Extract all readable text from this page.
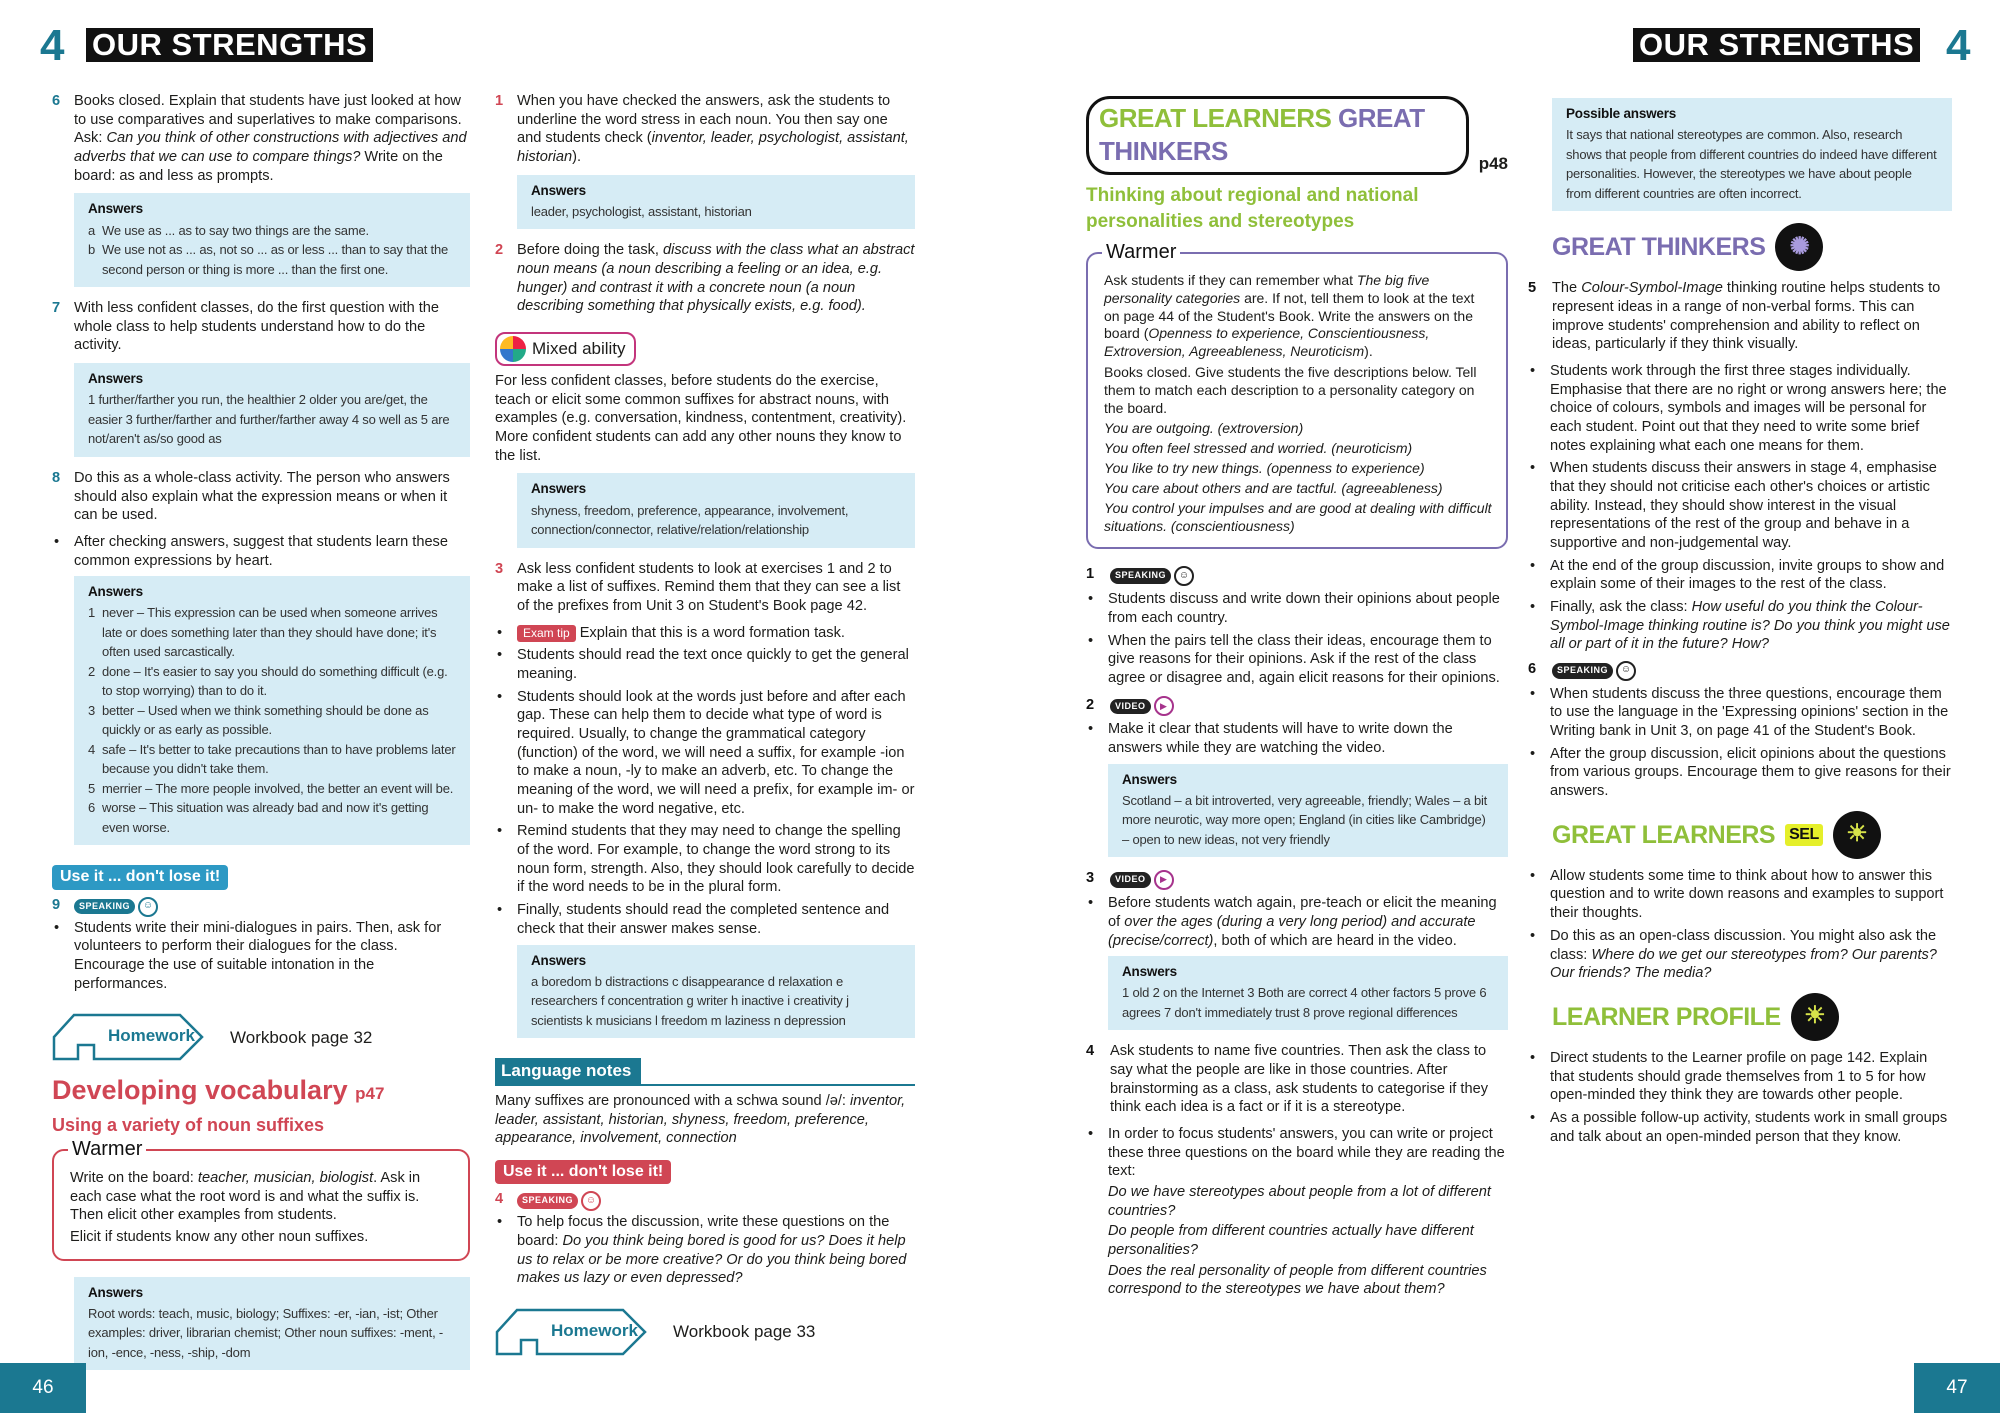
4 OUR STRENGTHS
6 Books closed. Explain that students have just looked at how to use comparatives and superlatives to make comparisons. Ask: Can you think of other constructions with adjectives and adverbs that we can use to compare things? Write on the board: as and less as prompts.
Answers
a We use as ... as to say two things are the same.
b We use not as ... as, not so ... as or less ... than to say that the second person or thing is more ... than the first one.
7 With less confident classes, do the first question with the whole class to help students understand how to do the activity.
Answers
1 further/farther you run, the healthier 2 older you are/get, the easier 3 further/farther and further/farther away 4 so well as 5 are not/aren't as/so good as
8 Do this as a whole-class activity. The person who answers should also explain what the expression means or when it can be used.
• After checking answers, suggest that students learn these common expressions by heart.
Answers
1 never – This expression can be used when someone arrives late or does something later than they should have done; it's often used sarcastically.
2 done – It's easier to say you should do something difficult (e.g. to stop worrying) than to do it.
3 better – Used when we think something should be done as quickly or as early as possible.
4 safe – It's better to take precautions than to have problems later because you didn't take them.
5 merrier – The more people involved, the better an event will be.
6 worse – This situation was already bad and now it's getting even worse.
Use it ... don't lose it!
9	SPEAKING	☺
• Students write their mini-dialogues in pairs. Then, ask for volunteers to perform their dialogues for the class. Encourage the use of suitable intonation in the performances.
Homework Workbook page 32
Developing vocabulary p47
Using a variety of noun suffixes
Warmer
Write on the board: teacher, musician, biologist. Ask in each case what the root word is and what the suffix is. Then elicit other examples from students.
Elicit if students know any other noun suffixes.
Answers
Root words: teach, music, biology; Suffixes: -er, -ian, -ist; Other examples: driver, librarian chemist; Other noun suffixes: -ment, -ion, -ence, -ness, -ship, -dom
1 When you have checked the answers, ask the students to underline the word stress in each noun. You then say one and students check (inventor, leader, psychologist, assistant, historian).
Answers
leader, psychologist, assistant, historian
2 Before doing the task, discuss with the class what an abstract noun means (a noun describing a feeling or an idea, e.g. hunger) and contrast it with a concrete noun (a noun describing something that physically exists, e.g. food).
Mixed ability
For less confident classes, before students do the exercise, teach or elicit some common suffixes for abstract nouns, with examples (e.g. conversation, kindness, contentment, creativity). More confident students can add any other nouns they know to the list.
Answers
shyness, freedom, preference, appearance, involvement, connection/connector, relative/relation/relationship
3 Ask less confident students to look at exercises 1 and 2 to make a list of suffixes. Remind them that they can see a list of the prefixes from Unit 3 on Student's Book page 42.
• Exam tip Explain that this is a word formation task.
• Students should read the text once quickly to get the general meaning.
• Students should look at the words just before and after each gap. These can help them to decide what type of word is required. Usually, to change the grammatical category (function) of the word, we will need a suffix, for example -ion to make a noun, -ly to make an adverb, etc. To change the meaning of the word, we will need a prefix, for example im- or un- to make the word negative, etc.
• Remind students that they may need to change the spelling of the word. For example, to change the word strong to its noun form, strength. Also, they should look carefully to decide if the word needs to be in the plural form.
• Finally, students should read the completed sentence and check that their answer makes sense.
Answers
a boredom b distractions c disappearance d relaxation e researchers f concentration g writer h inactive i creativity j scientists k musicians l freedom m laziness n depression
Language notes
Many suffixes are pronounced with a schwa sound /ə/: inventor, leader, assistant, historian, shyness, freedom, preference, appearance, involvement, connection
Use it ... don't lose it!
4	SPEAKING	☺
• To help focus the discussion, write these questions on the board: Do you think being bored is good for us? Does it help us to relax or be more creative? Or do you think being bored makes us lazy or even depressed?
Homework Workbook page 33
46
OUR STRENGTHS 4
GREAT LEARNERS GREAT THINKERS	p48
Thinking about regional and national personalities and stereotypes
Warmer
Ask students if they can remember what The big five personality categories are. If not, tell them to look at the text on page 44 of the Student's Book. Write the answers on the board (Openness to experience, Conscientiousness, Extroversion, Agreeableness, Neuroticism).
Books closed. Give students the five descriptions below. Tell them to match each description to a personality category on the board.
You are outgoing. (extroversion)
You often feel stressed and worried. (neuroticism)
You like to try new things. (openness to experience)
You care about others and are tactful. (agreeableness)
You control your impulses and are good at dealing with difficult situations. (conscientiousness)
1	SPEAKING	☺
• Students discuss and write down their opinions about people from each country.
• When the pairs tell the class their ideas, encourage them to give reasons for their opinions. Ask if the rest of the class agree or disagree and, again elicit reasons for their opinions.
2	VIDEO	▶
• Make it clear that students will have to write down the answers while they are watching the video.
Answers
Scotland – a bit introverted, very agreeable, friendly; Wales – a bit more neurotic, way more open; England (in cities like Cambridge) – open to new ideas, not very friendly
3	VIDEO	▶
• Before students watch again, pre-teach or elicit the meaning of over the ages (during a very long period) and accurate (precise/correct), both of which are heard in the video.
Answers
1 old 2 on the Internet 3 Both are correct 4 other factors 5 prove 6 agrees 7 don't immediately trust 8 prove regional differences
4 Ask students to name five countries. Then ask the class to say what the people are like in those countries. After brainstorming as a class, ask students to categorise if they think each idea is a fact or if it is a stereotype.
• In order to focus students' answers, you can write or project these three questions on the board while they are reading the text:
Do we have stereotypes about people from a lot of different countries?
Do people from different countries actually have different personalities?
Does the real personality of people from different countries correspond to the stereotypes we have about them?
Possible answers
It says that national stereotypes are common. Also, research shows that people from different countries do indeed have different personalities. However, the stereotypes we have about people from different countries are often incorrect.
GREAT THINKERS	✺
5 The Colour-Symbol-Image thinking routine helps students to represent ideas in a range of non-verbal forms. This can improve students' comprehension and ability to reflect on ideas, particularly if they think visually.
• Students work through the first three stages individually. Emphasise that there are no right or wrong answers here; the choice of colours, symbols and images will be personal for each student. Point out that they need to write some brief notes explaining what each one means for them.
• When students discuss their answers in stage 4, emphasise that they should not criticise each other's choices or artistic ability. Instead, they should show interest in the visual representations of the rest of the group and behave in a supportive and non-judgemental way.
• At the end of the group discussion, invite groups to show and explain some of their images to the rest of the class.
• Finally, ask the class: How useful do you think the Colour-Symbol-Image thinking routine is? Do you think you might use all or part of it in the future? How?
6	SPEAKING	☺
• When students discuss the three questions, encourage them to use the language in the 'Expressing opinions' section in the Writing bank in Unit 3, on page 41 of the Student's Book.
• After the group discussion, elicit opinions about the questions from various groups. Encourage them to give reasons for their answers.
GREAT LEARNERS SEL	☀
• Allow students some time to think about how to answer this question and to write down reasons and examples to support their thoughts.
• Do this as an open-class discussion. You might also ask the class: Where do we get our stereotypes from? Our parents? Our friends? The media?
LEARNER PROFILE ☀
• Direct students to the Learner profile on page 142. Explain that students should grade themselves from 1 to 5 for how open-minded they think they are towards other people.
• As a possible follow-up activity, students work in small groups and talk about an open-minded person that they know.
47
